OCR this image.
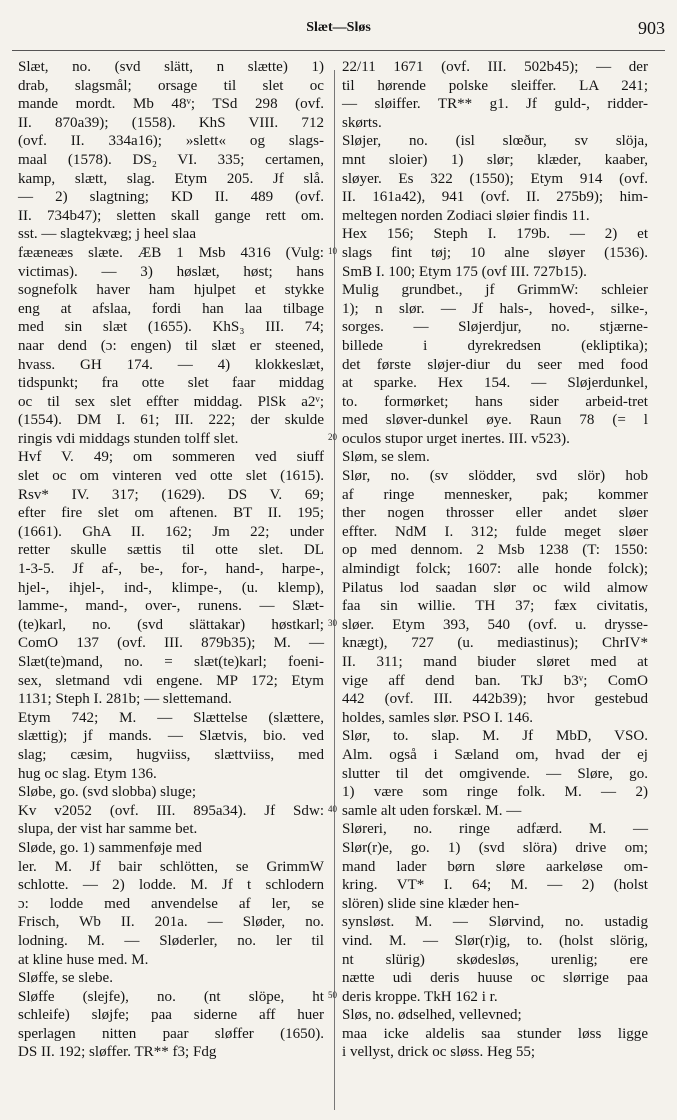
Slæt—Sløs	903
Slæt, no. (svd slätt, n slætte) 1)
drab, slagsmål; orsage til slet oc
mande mordt. Mb 48ᵛ; TSd 298 (ovf.
II. 870a39); (1558). KhS VIII. 712
(ovf. II. 334a16); »slett« og slags-
maal (1578). DS₂ VI. 335; certamen,
kamp, slætt, slag. Etym 205. Jf slå.
— 2) slagtning; KD II. 489 (ovf.
II. 734b47); sletten skall gange rett om.
sst. — slagtekvæg; j heel slaa
fææneæs slæte. ÆB 1 Msb 4316 (Vulg:
victimas). — 3) høslæt, høst; hans
sognefolk haver ham hjulpet et stykke
eng at afslaa, fordi han laa tilbage
med sin slæt (1655). KhS₃ III. 74;
naar dend (ɔ: engen) til slæt er steened,
hvass. GH 174. — 4) klokkeslæt,
tidspunkt; fra otte slet faar middag
oc til sex slet effter middag. PlSk a2ᵛ;
(1554). DM I. 61; III. 222; der skulde
ringis vdi middags stunden tolff slet.
Hvf V. 49; om sommeren ved siuff
slet oc om vinteren ved otte slet (1615).
Rsv* IV. 317; (1629). DS V. 69;
efter fire slet om aftenen. BT II. 195;
(1661). GhA II. 162; Jm 22; under
retter skulle sættis til otte slet. DL
1-3-5. Jf af-, be-, for-, hand-, harpe-,
hjel-, ihjel-, ind-, klimpe-, (u. klemp),
lamme-, mand-, over-, runens. — Slæt-
(te)karl, no. (svd slättakar) høstkarl;
ComO 137 (ovf. III. 879b35); M. —
Slæt(te)mand, no. = slæt(te)karl; foeni-
sex, sletmand vdi engene. MP 172; Etym
1131; Steph I. 281b; — slettemand.
Etym 742; M. — Slættelse (slættere,
slættig); jf mands. — Slætvis, bio. ved
slag; cæsim, hugviiss, slættviiss, med
hug oc slag. Etym 136.
Sløbe, go. (svd slobba) sluge;
Kv v2052 (ovf. III. 895a34). Jf Sdw:
slupa, der vist har samme bet.
Sløde, go. 1) sammenføje med
ler. M. Jf bair schlötten, se GrimmW
schlotte. — 2) lodde. M. Jf t schlodern
ɔ: lodde med anvendelse af ler, se
Frisch, Wb II. 201a. — Sløder, no.
lodning. M. — Sløderler, no. ler til
at kline huse med. M.
Sløffe, se slebe.
Sløffe (slejfe), no. (nt slöpe, ht
schleife) sløjfe; paa siderne aff huer
sperlagen nitten paar sløffer (1650).
DS II. 192; sløffer. TR** f3; Fdg
22/11 1671 (ovf. III. 502b45); — der
til hørende polske sleiffer. LA 241;
— sløiffer. TR** g1. Jf guld-, ridder-
skørts.
Sløjer, no. (isl slœður, sv slöja,
mnt sloier) 1) slør; klæder, kaaber,
sløyer. Es 322 (1550); Etym 914 (ovf.
II. 161a42), 941 (ovf. II. 275b9); him-
meltegen norden Zodiaci sløier findis 11.
Hex 156; Steph I. 179b. — 2) et
slags fint tøj; 10 alne sløyer (1536).
SmB I. 100; Etym 175 (ovf III. 727b15).
Mulig grundbet., jf GrimmW: schleier
1); n slør. — Jf hals-, hoved-, silke-,
sorges. — Sløjerdjur, no. stjærne-
billede i dyrekredsen (ekliptika);
det første sløjer-diur du seer med food
at sparke. Hex 154. — Sløjerdunkel,
to. formørket; hans sider arbeid-tret
med sløver-dunkel øye. Raun 78 (= l
oculos stupor urget inertes. III. v523).
Sløm, se slem.
Slør, no. (sv slödder, svd slör) hob
af ringe mennesker, pak; kommer
ther nogen throsser eller andet sløer
effter. NdM I. 312; fulde meget sløer
op med dennom. 2 Msb 1238 (T: 1550:
almindigt folck; 1607: alle honde folck);
Pilatus lod saadan slør oc wild almow
faa sin willie. TH 37; fæx civitatis,
sløer. Etym 393, 540 (ovf. u. drysse-
knægt), 727 (u. mediastinus); ChrIV*
II. 311; mand biuder sløret med at
vige aff dend ban. TkJ b3ᵛ; ComO
442 (ovf. III. 442b39); hvor gestebud
holdes, samles slør. PSO I. 146.
Slør, to. slap. M. Jf MbD, VSO.
Alm. også i Sæland om, hvad der ej
slutter til det omgivende. — Sløre, go.
1) være som ringe folk. M. — 2)
samle alt uden forskæl. M. —
Sløreri, no. ringe adfærd. M. —
Slør(r)e, go. 1) (svd slöra) drive om;
mand lader børn sløre aarkeløse om-
kring. VT* I. 64; M. — 2) (holst
slören) slide sine klæder hen-
synsløst. M. — Slørvind, no. ustadig
vind. M. — Slør(r)ig, to. (holst slörig,
nt slürig) skødesløs, urenlig; ere
nætte udi deris huuse oc slørrige paa
deris kroppe. TkH 162 i r.
Sløs, no. ødselhed, vellevned;
maa icke aldelis saa stunder løss ligge
i vellyst, drick oc sløss. Heg 55;
10
20
30
40
50
